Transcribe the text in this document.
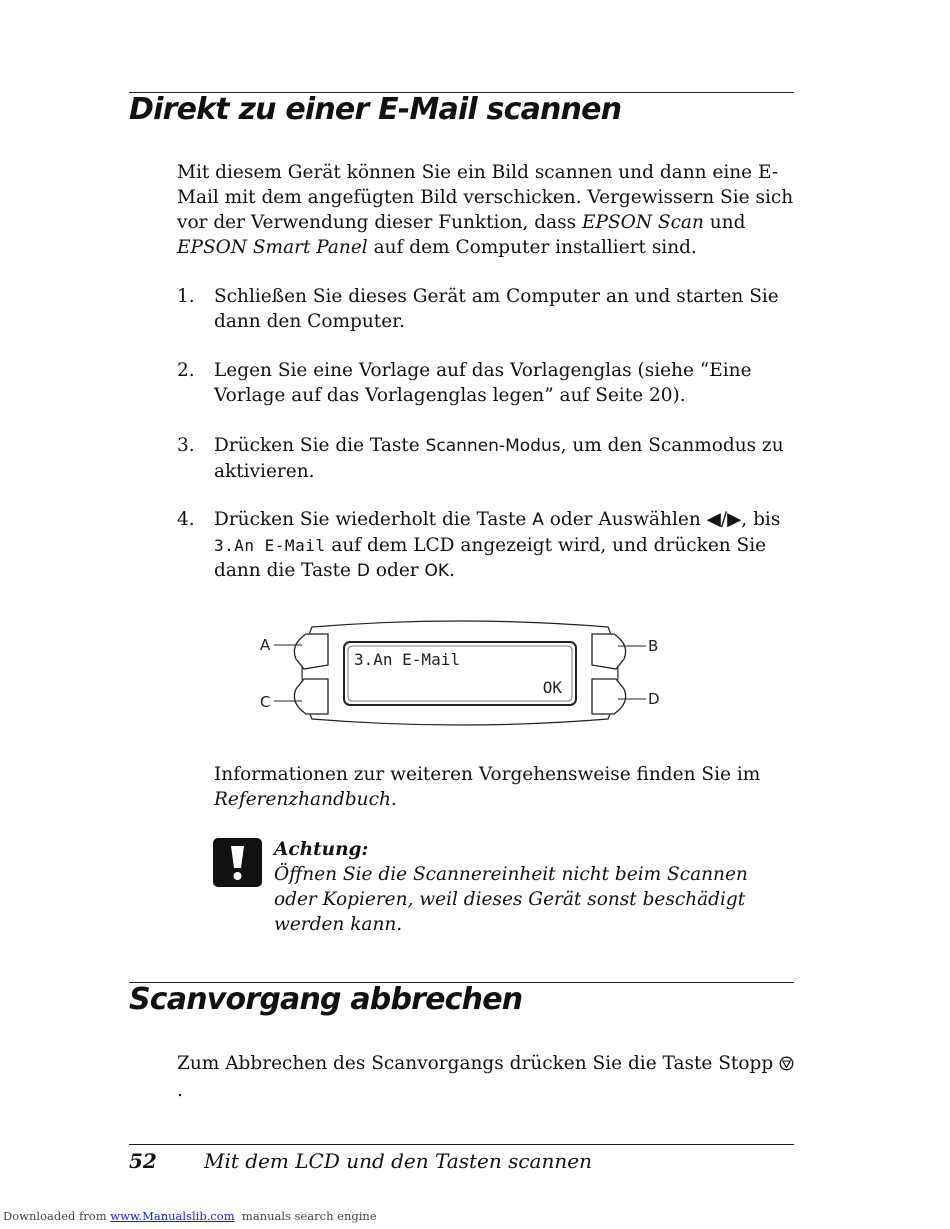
Direkt zu einer E-Mail scannen
Mit diesem Gerät können Sie ein Bild scannen und dann eine E-Mail mit dem angefügten Bild verschicken. Vergewissern Sie sich vor der Verwendung dieser Funktion, dass EPSON Scan und EPSON Smart Panel auf dem Computer installiert sind.
1. Schließen Sie dieses Gerät am Computer an und starten Sie dann den Computer.
2. Legen Sie eine Vorlage auf das Vorlagenglas (siehe “Eine Vorlage auf das Vorlagenglas legen” auf Seite 20).
3. Drücken Sie die Taste Scannen-Modus, um den Scanmodus zu aktivieren.
4. Drücken Sie wiederholt die Taste A oder Auswählen ◀/▶, bis
3.An E-Mail auf dem LCD angezeigt wird, und drücken Sie dann die Taste D oder OK.
3.An E-Mail
OK
A
C
B
D
Informationen zur weiteren Vorgehensweise finden Sie im Referenzhandbuch.
Achtung:
Öffnen Sie die Scannereinheit nicht beim Scannen oder Kopieren, weil dieses Gerät sonst beschädigt werden kann.
Scanvorgang abbrechen
Zum Abbrechen des Scanvorgangs drücken Sie die Taste Stopp .
52 Mit dem LCD und den Tasten scannen
Downloaded from www.Manualslib.com  manuals search engine
